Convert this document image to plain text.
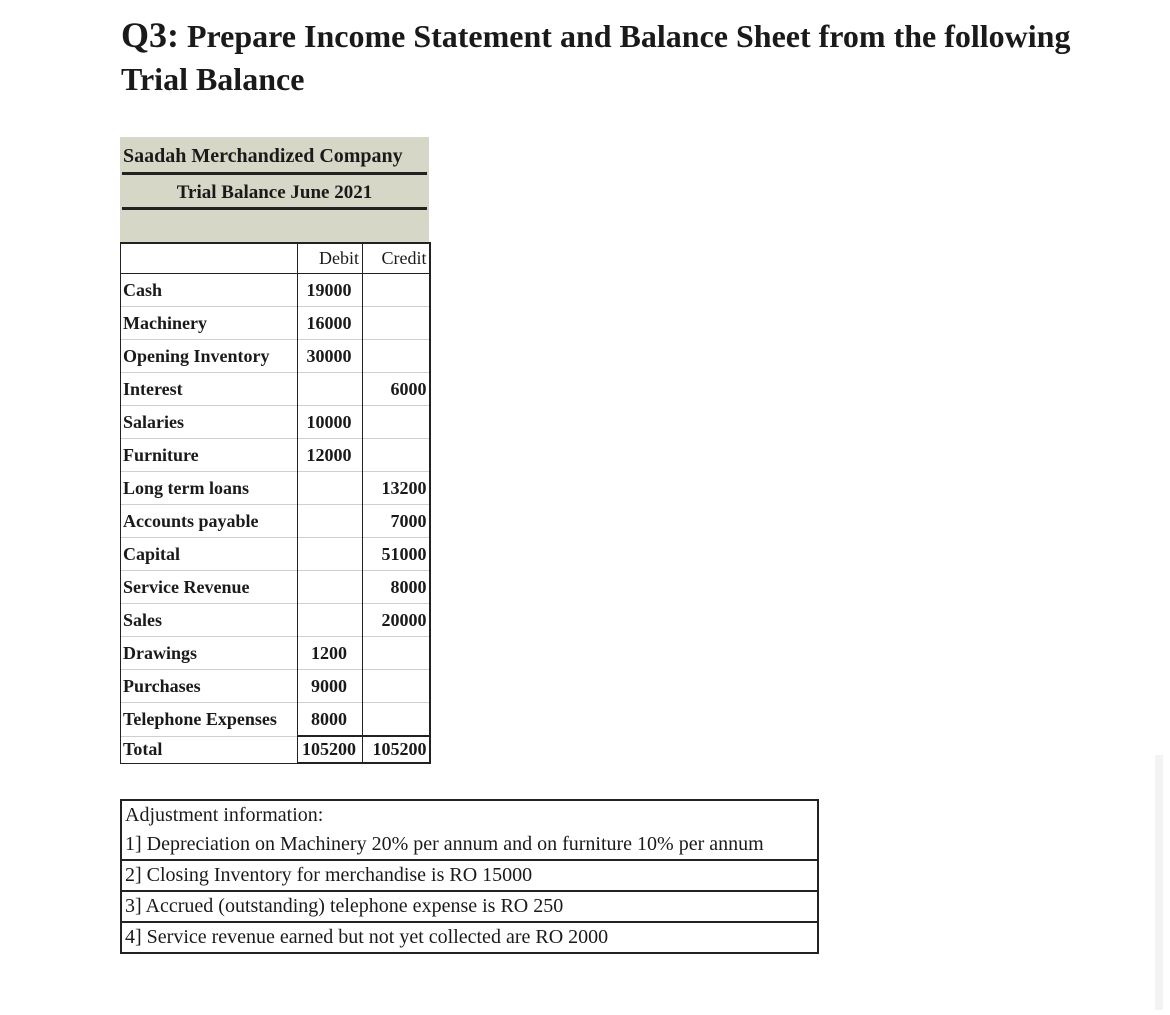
Q3: Prepare Income Statement and Balance Sheet from the following Trial Balance
Saadah Merchandized Company
Trial Balance June 2021
	Debit	Credit
Cash	19000	
Machinery	16000	
Opening Inventory	30000	
Interest		6000
Salaries	10000	
Furniture	12000	
Long term loans		13200
Accounts payable		7000
Capital		51000
Service Revenue		8000
Sales		20000
Drawings	1200	
Purchases	9000	
Telephone Expenses	8000	
Total	105200	105200
Adjustment information:
1] Depreciation on Machinery 20% per annum and on furniture 10% per annum
2] Closing Inventory for merchandise is RO 15000
3] Accrued (outstanding) telephone expense is RO 250
4] Service revenue earned but not yet collected are RO 2000
